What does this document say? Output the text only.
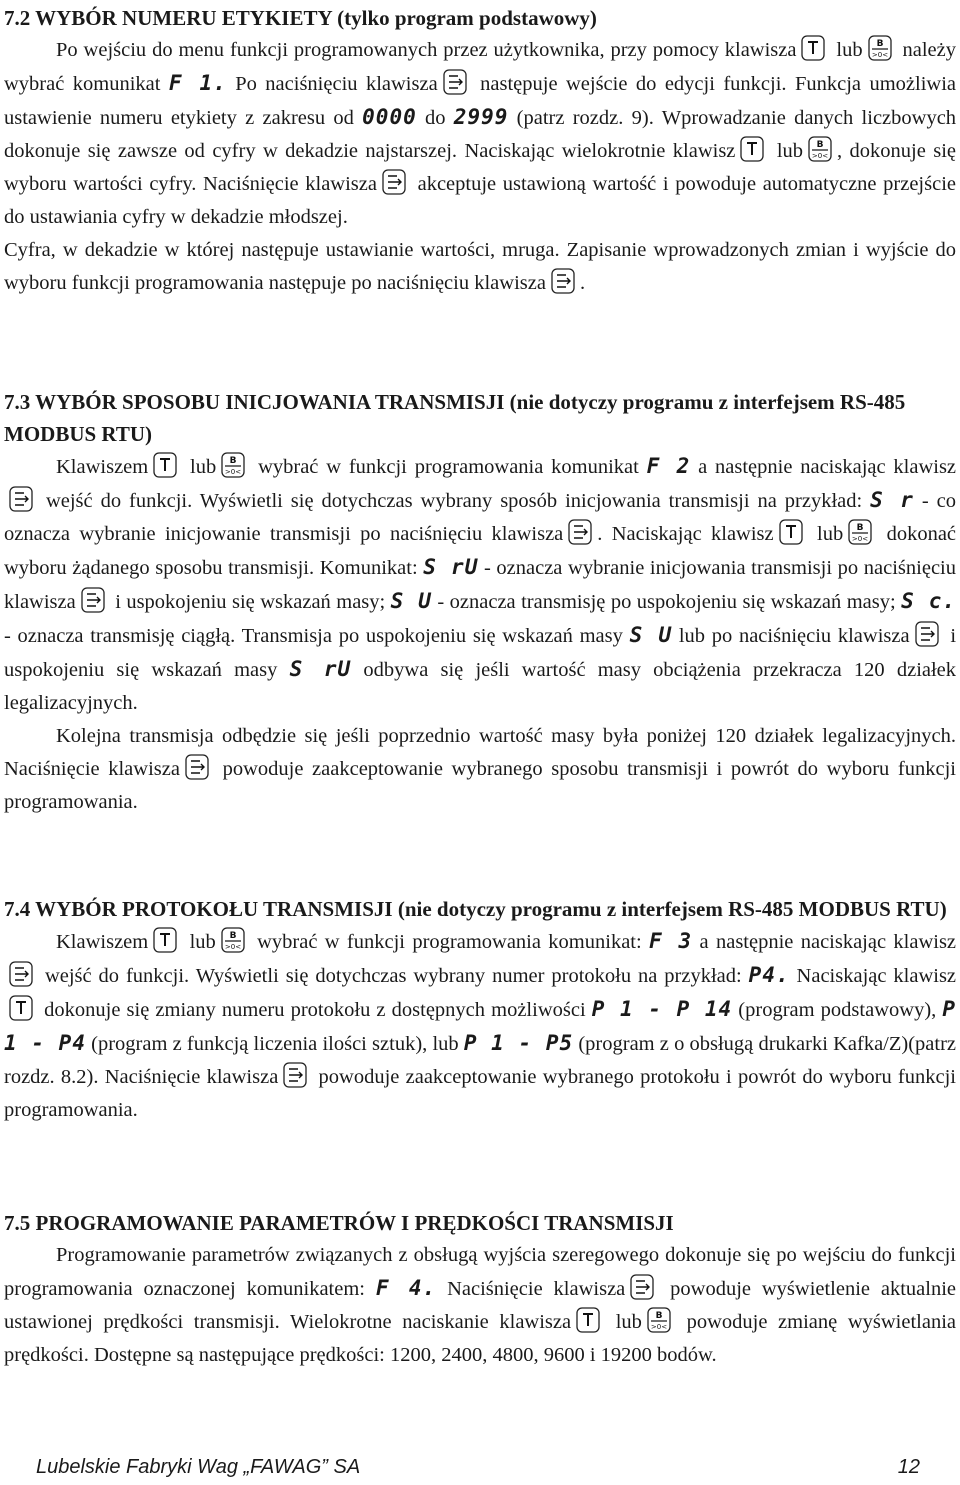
7.2 WYBÓR NUMERU ETYKIETY (tylko program podstawowy)
Po wejściu do menu funkcji programowanych przez użytkownika, przy pomocy klawisza lub B
>0< należy wybrać komunikat F 1. Po naciśnięciu klawisza następuje wejście do edycji funkcji. Funkcja umożliwia ustawienie numeru etykiety z zakresu od 0000 do 2999 (patrz rozdz. 9). Wprowadzanie danych liczbowych dokonuje się zawsze od cyfry w dekadzie najstarszej. Naciskając wielokrotnie klawisz lub B
>0< , dokonuje się wyboru wartości cyfry. Naciśnięcie klawisza akceptuje ustawioną wartość i powoduje automatyczne przejście do ustawiania cyfry w dekadzie młodszej.
Cyfra, w dekadzie w której następuje ustawianie wartości, mruga. Zapisanie wprowadzonych zmian i wyjście do wyboru funkcji programowania następuje po naciśnięciu klawisza .
7.3 WYBÓR SPOSOBU INICJOWANIA TRANSMISJI (nie dotyczy programu z interfejsem RS-485 MODBUS RTU)
Klawiszem lub B
>0< wybrać w funkcji programowania komunikat F 2 a następnie naciskając klawisz
wejść do funkcji. Wyświetli się dotychczas wybrany sposób inicjowania transmisji na przykład: S r - co oznacza wybranie inicjowanie transmisji po naciśnięciu klawisza . Naciskając klawisz lub B
>0< dokonać wyboru żądanego sposobu transmisji. Komunikat: S rU - oznacza wybranie inicjowania transmisji po naciśnięciu klawisza i uspokojeniu się wskazań masy; S U - oznacza transmisję po uspokojeniu się wskazań masy; S c. - oznacza transmisję ciągłą. Transmisja po uspokojeniu się wskazań masy S U lub po naciśnięciu klawisza i uspokojeniu się wskazań masy S rU odbywa się jeśli wartość masy obciążenia przekracza 120 działek legalizacyjnych.
Kolejna transmisja odbędzie się jeśli poprzednio wartość masy była poniżej 120 działek legalizacyjnych. Naciśnięcie klawisza powoduje zaakceptowanie wybranego sposobu transmisji i powrót do wyboru funkcji programowania.
7.4 WYBÓR PROTOKOŁU TRANSMISJI (nie dotyczy programu z interfejsem RS-485 MODBUS RTU)
Klawiszem lub B
>0< wybrać w funkcji programowania komunikat: F 3 a następnie naciskając klawisz
wejść do funkcji. Wyświetli się dotychczas wybrany numer protokołu na przykład: P4. Naciskając klawisz
dokonuje się zmiany numeru protokołu z dostępnych możliwości P 1 - P 14 (program podstawowy), P 1 - P4 (program z funkcją liczenia ilości sztuk), lub P 1 - P5 (program z o obsługą drukarki Kafka/Z)(patrz rozdz. 8.2). Naciśnięcie klawisza powoduje zaakceptowanie wybranego protokołu i powrót do wyboru funkcji programowania.
7.5 PROGRAMOWANIE PARAMETRÓW I PRĘDKOŚCI TRANSMISJI
Programowanie parametrów związanych z obsługą wyjścia szeregowego dokonuje się po wejściu do funkcji programowania oznaczonej komunikatem: F 4. Naciśnięcie klawisza powoduje wyświetlenie aktualnie ustawionej prędkości transmisji. Wielokrotne naciskanie klawisza lub B
>0< powoduje zmianę wyświetlania prędkości. Dostępne są następujące prędkości: 1200, 2400, 4800, 9600 i 19200 bodów.
Lubelskie Fabryki Wag „FAWAG” SA	12
